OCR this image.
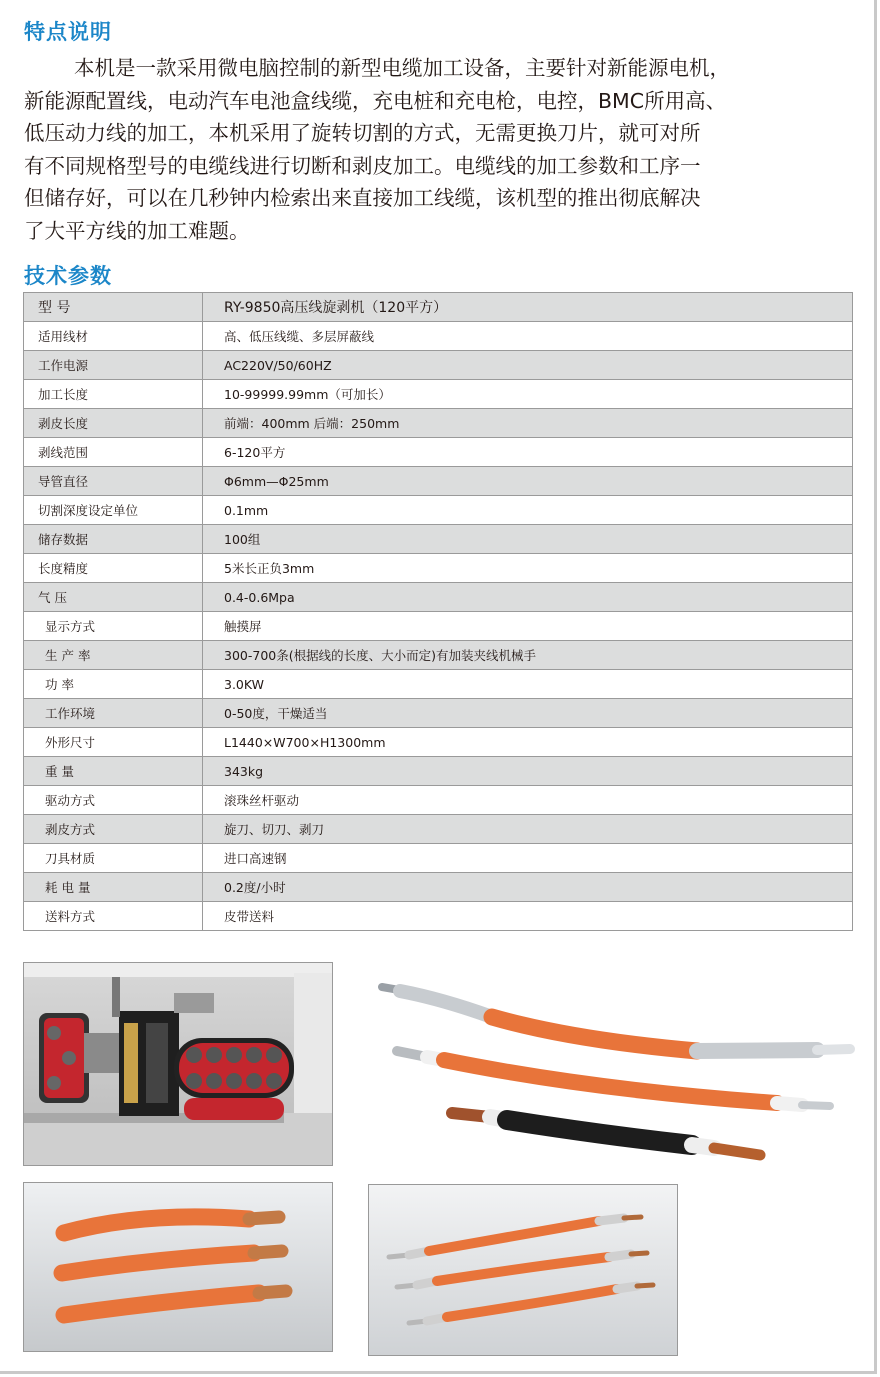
特点说明

本机是一款采用微电脑控制的新型电缆加工设备，主要针对新能源电机，
新能源配置线，电动汽车电池盒线缆，充电桩和充电枪，电控，BMC所用高、
低压动力线的加工，本机采用了旋转切割的方式，无需更换刀片，就可对所
有不同规格型号的电缆线进行切断和剥皮加工。电缆线的加工参数和工序一
但储存好，可以在几秒钟内检索出来直接加工线缆，该机型的推出彻底解决
了大平方线的加工难题。

技术参数
型 号	RY-9850高压线旋剥机（120平方）
适用线材	高、低压线缆、多层屏蔽线
工作电源	AC220V/50/60HZ
加工长度	10-99999.99mm（可加长）
剥皮长度	前端：400mm 后端：250mm
剥线范围	6-120平方
导管直径	Φ6mm—Φ25mm
切割深度设定单位	0.1mm
储存数据	100组
长度精度	5米长正负3mm
气 压	0.4-0.6Mpa
显示方式	触摸屏
生 产 率	300-700条(根据线的长度、大小而定)有加装夹线机械手
功 率	3.0KW
工作环境	0-50度，干燥适当
外形尺寸	L1440×W700×H1300mm
重 量	343kg
驱动方式	滚珠丝杆驱动
剥皮方式	旋刀、切刀、剥刀
刀具材质	进口高速钢
耗 电 量	0.2度/小时
送料方式	皮带送料
